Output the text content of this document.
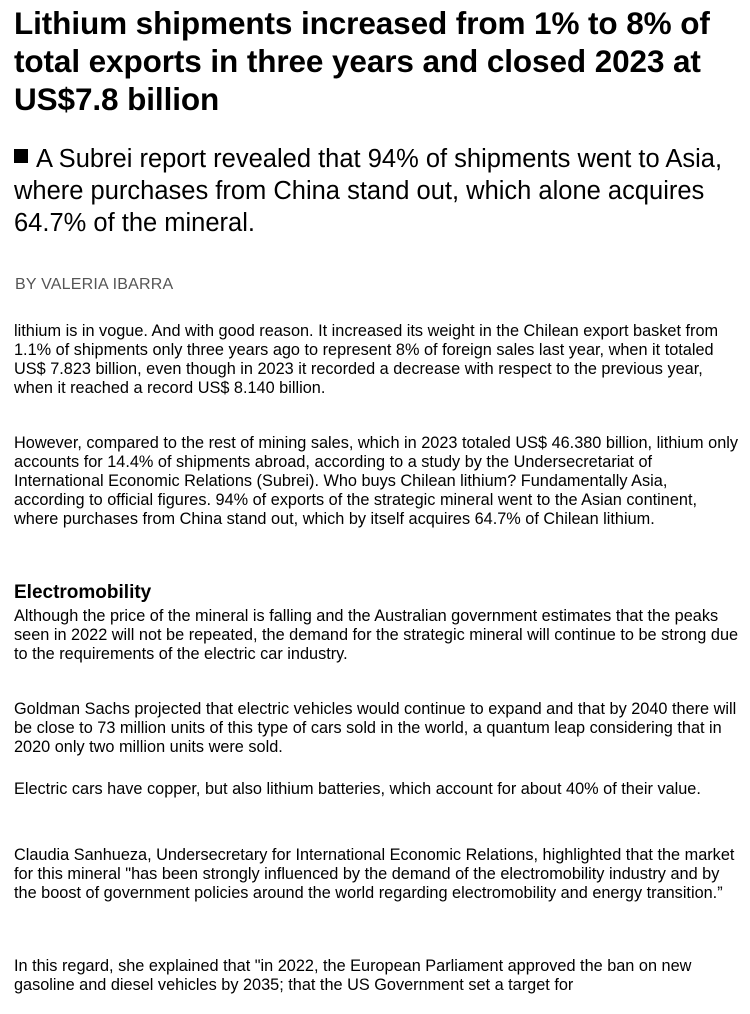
Lithium shipments increased from 1% to 8% of total exports in three years and closed 2023 at US$7.8 billion
A Subrei report revealed that 94% of shipments went to Asia, where purchases from China stand out, which alone acquires 64.7% of the mineral.
BY VALERIA IBARRA

lithium is in vogue. And with good reason. It increased its weight in the Chilean export basket from 1.1% of shipments only three years ago to represent 8% of foreign sales last year, when it totaled US$ 7.823 billion, even though in 2023 it recorded a decrease with respect to the previous year, when it reached a record US$ 8.140 billion.

However, compared to the rest of mining sales, which in 2023 totaled US$ 46.380 billion, lithium only accounts for 14.4% of shipments abroad, according to a study by the Undersecretariat of International Economic Relations (Subrei). Who buys Chilean lithium? Fundamentally Asia, according to official figures. 94% of exports of the strategic mineral went to the Asian continent, where purchases from China stand out, which by itself acquires 64.7% of Chilean lithium.

Electromobility

Although the price of the mineral is falling and the Australian government estimates that the peaks seen in 2022 will not be repeated, the demand for the strategic mineral will continue to be strong due to the requirements of the electric car industry.

Goldman Sachs projected that electric vehicles would continue to expand and that by 2040 there will be close to 73 million units of this type of cars sold in the world, a quantum leap considering that in 2020 only two million units were sold.

Electric cars have copper, but also lithium batteries, which account for about 40% of their value.

Claudia Sanhueza, Undersecretary for International Economic Relations, highlighted that the market for this mineral "has been strongly influenced by the demand of the electromobility industry and by the boost of government policies around the world regarding electromobility and energy transition.”

In this regard, she explained that "in 2022, the European Parliament approved the ban on new gasoline and diesel vehicles by 2035; that the US Government set a target for
